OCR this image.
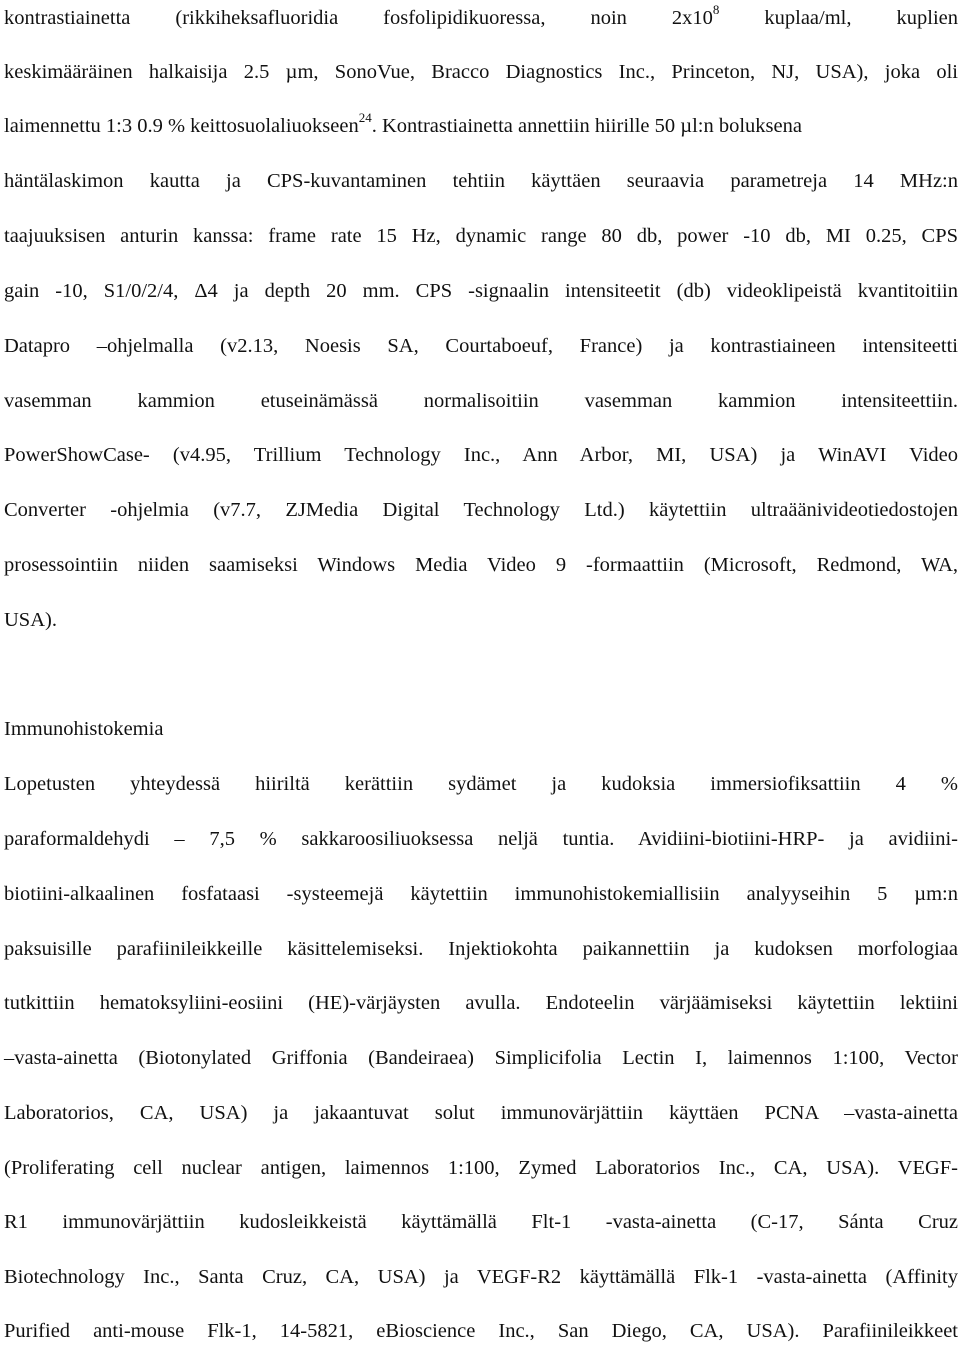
kontrastiainetta (rikkiheksafluoridia fosfolipidikuoressa, noin $2x10^8$ kuplaa/ml, kuplien
keskimääräinen halkaisija 2.5 µm, SonoVue, Bracco Diagnostics Inc., Princeton, NJ, USA), joka oli
laimennettu 1:3 0.9 % keittosuolaliuokseen$^{24}$. Kontrastiainetta annettiin hiirille 50 µl:n boluksena
häntälaskimon kautta ja CPS-kuvantaminen tehtiin käyttäen seuraavia parametreja 14 MHz:n
taajuuksisen anturin kanssa: frame rate 15 Hz, dynamic range 80 db, power -10 db, MI 0.25, CPS
gain -10, S1/0/2/4, Δ4 ja depth 20 mm. CPS -signaalin intensiteetit (db) videoklipeistä kvantitoitiin
Datapro –ohjelmalla (v2.13, Noesis SA, Courtaboeuf, France) ja kontrastiaineen intensiteetti
vasemman kammion etuseinämässä normalisoitiin vasemman kammion intensiteettiin.
PowerShowCase- (v4.95, Trillium Technology Inc., Ann Arbor, MI, USA) ja WinAVI Video
Converter -ohjelmia (v7.7, ZJMedia Digital Technology Ltd.) käytettiin ultraäänivideotiedostojen
prosessointiin niiden saamiseksi Windows Media Video 9 -formaattiin (Microsoft, Redmond, WA,
USA).
Immunohistokemia
Lopetusten yhteydessä hiiriltä kerättiin sydämet ja kudoksia immersiofiksattiin 4 %
paraformaldehydi – 7,5 % sakkaroosiliuoksessa neljä tuntia. Avidiini-biotiini-HRP- ja avidiini-
biotiini-alkaalinen fosfataasi -systeemejä käytettiin immunohistokemiallisiin analyyseihin 5 µm:n
paksuisille parafiinileikkeille käsittelemiseksi. Injektiokohta paikannettiin ja kudoksen morfologiaa
tutkittiin hematoksyliini-eosiini (HE)-värjäysten avulla. Endoteelin värjäämiseksi käytettiin lektiini
–vasta-ainetta (Biotonylated Griffonia (Bandeiraea) Simplicifolia Lectin I, laimennos 1:100, Vector
Laboratorios, CA, USA) ja jakaantuvat solut immunovärjättiin käyttäen PCNA –vasta-ainetta
(Proliferating cell nuclear antigen, laimennos 1:100, Zymed Laboratorios Inc., CA, USA). VEGF-
R1 immunovärjättiin kudosleikkeistä käyttämällä Flt-1 -vasta-ainetta (C-17, Sánta Cruz
Biotechnology Inc., Santa Cruz, CA, USA) ja VEGF-R2 käyttämällä Flk-1 -vasta-ainetta (Affinity
Purified anti-mouse Flk-1, 14-5821, eBioscience Inc., San Diego, CA, USA). Parafiinileikkeet
